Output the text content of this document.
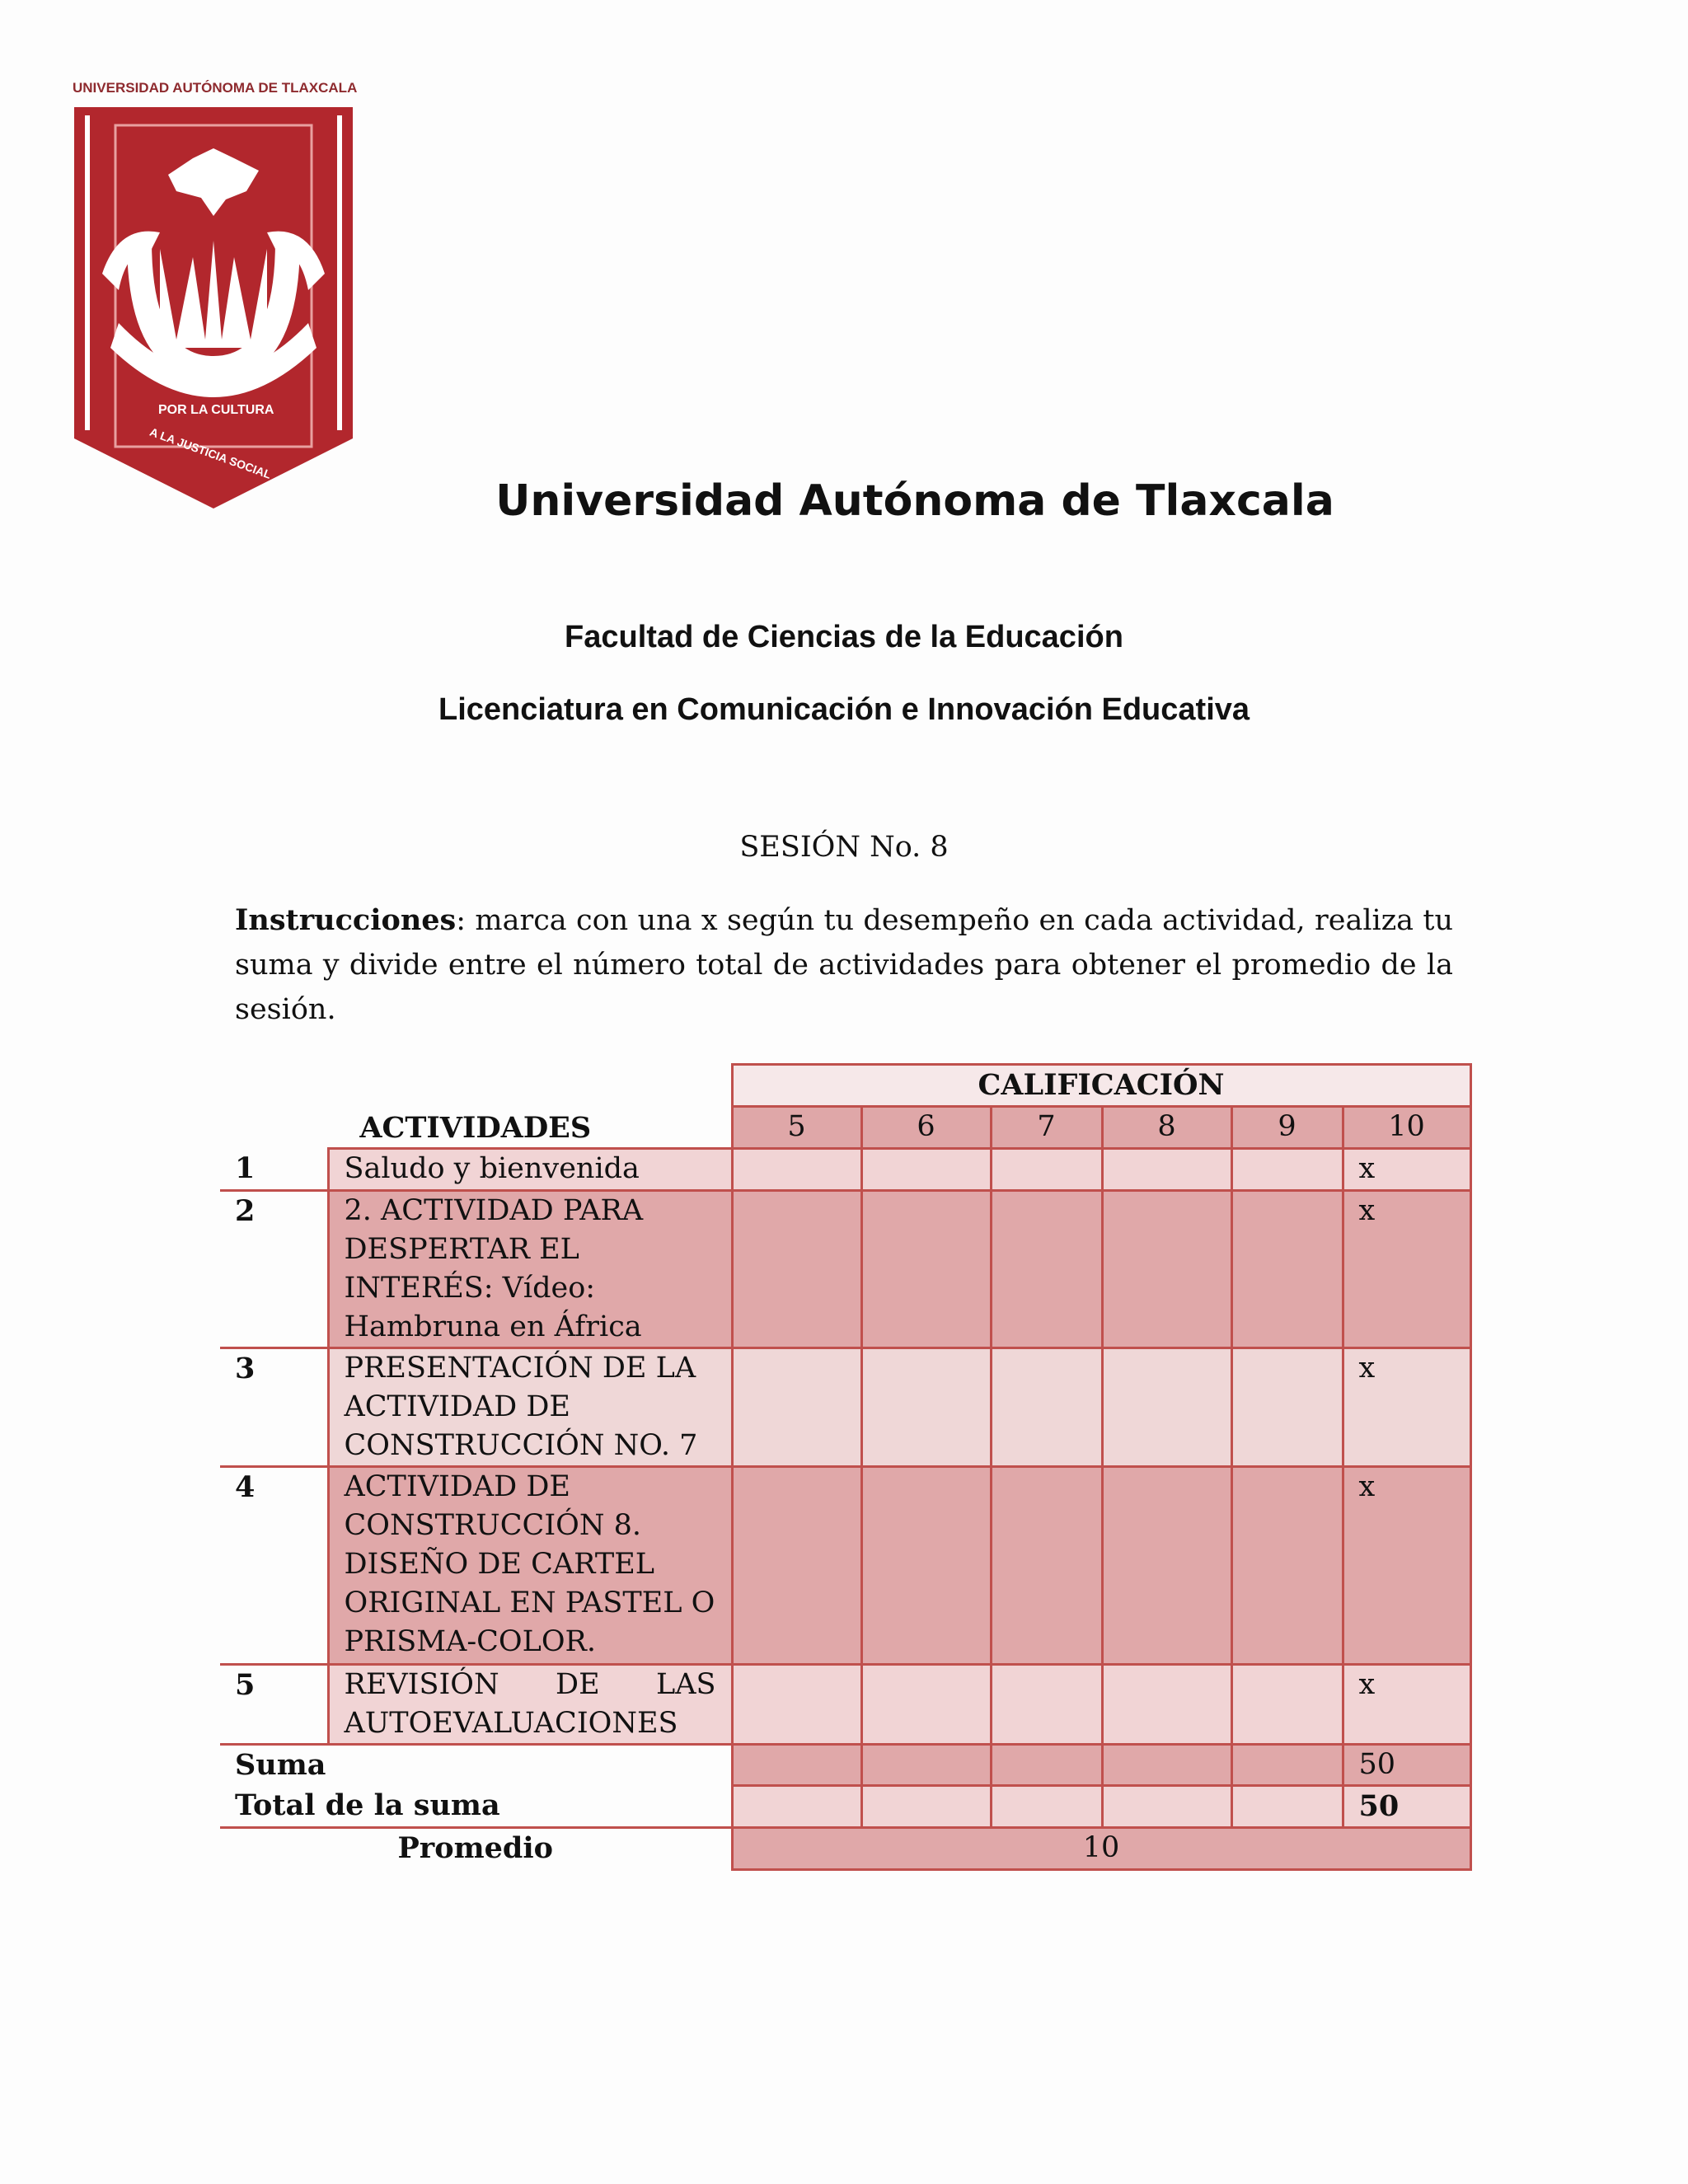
UNIVERSIDAD AUTÓNOMA DE TLAXCALA
POR LA CULTURA
A LA JUSTICIA SOCIAL
Universidad Autónoma de Tlaxcala
Facultad de Ciencias de la Educación
Licenciatura en Comunicación e Innovación Educativa
SESIÓN No. 8
Instrucciones: marca con una x según tu desempeño en cada actividad, realiza tu suma y divide entre el número total de actividades para obtener el promedio de la sesión.
ACTIVIDADES		CALIFICACIÓN					
		5	6	7	8	9	10
1	Saludo y bienvenida						x
2	2. ACTIVIDAD PARA DESPERTAR EL INTERÉS: Vídeo: Hambruna en África						x
3	PRESENTACIÓN DE LA ACTIVIDAD DE CONSTRUCCIÓN NO. 7						x
4	ACTIVIDAD DE CONSTRUCCIÓN 8. DISEÑO DE CARTEL ORIGINAL EN PASTEL O PRISMA-COLOR.						x
5	REVISIÓN DE LAS AUTOEVALUACIONES						x
Suma							50
Total de la suma							50
Promedio		10					
